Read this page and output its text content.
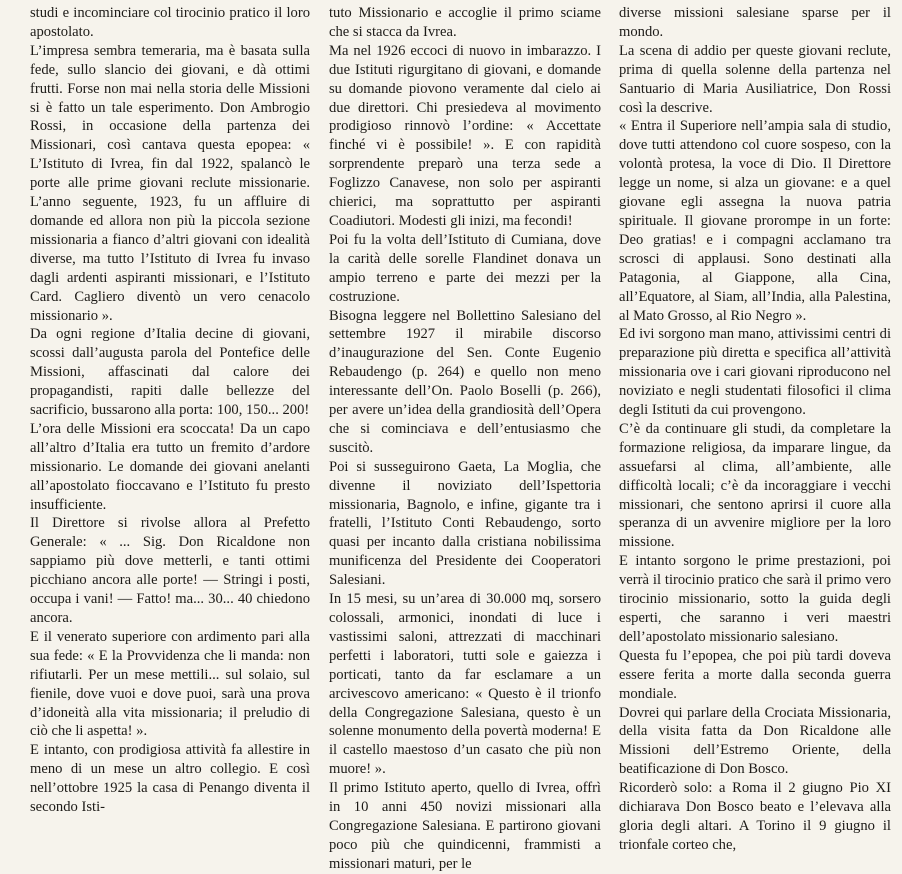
studi e incominciare col tirocinio pratico il loro apostolato.

L’impresa sembra temeraria, ma è basata sulla fede, sullo slancio dei giovani, e dà ottimi frutti. Forse non mai nella storia delle Missioni si è fatto un tale esperimento. Don Ambrogio Rossi, in occasione della partenza dei Missionari, così cantava questa epopea: « L’Istituto di Ivrea, fin dal 1922, spalancò le porte alle prime giovani reclute missionarie. L’anno seguente, 1923, fu un affluire di domande ed allora non più la piccola sezione missionaria a fianco d’altri giovani con idealità diverse, ma tutto l’Istituto di Ivrea fu invaso dagli ardenti aspiranti missionari, e l’Istituto Card. Cagliero diventò un vero cenacolo missionario ».

Da ogni regione d’Italia decine di giovani, scossi dall’augusta parola del Pontefice delle Missioni, affascinati dal calore dei propagandisti, rapiti dalle bellezze del sacrificio, bussarono alla porta: 100, 150... 200!

L’ora delle Missioni era scoccata! Da un capo all’altro d’Italia era tutto un fremito d’ardore missionario. Le domande dei giovani anelanti all’apostolato fioccavano e l’Istituto fu presto insufficiente.

Il Direttore si rivolse allora al Prefetto Generale: « ... Sig. Don Ricaldone non sappiamo più dove metterli, e tanti ottimi picchiano ancora alle porte! — Stringi i posti, occupa i vani! — Fatto! ma... 30... 40 chiedono ancora.

E il venerato superiore con ardimento pari alla sua fede: « E la Provvidenza che li manda: non rifiutarli. Per un mese mettili... sul solaio, sul fienile, dove vuoi e dove puoi, sarà una prova d’idoneità alla vita missionaria; il preludio di ciò che li aspetta! ».

E intanto, con prodigiosa attività fa allestire in meno di un mese un altro collegio. E così nell’ottobre 1925 la casa di Penango diventa il secondo Isti-

tuto Missionario e accoglie il primo sciame che si stacca da Ivrea.

Ma nel 1926 eccoci di nuovo in imbarazzo. I due Istituti rigurgitano di giovani, e domande su domande piovono veramente dal cielo ai due direttori. Chi presiedeva al movimento prodigioso rinnovò l’ordine: « Accettate finché vi è possibile! ». E con rapidità sorprendente preparò una terza sede a Foglizzo Canavese, non solo per aspiranti chierici, ma soprattutto per aspiranti Coadiutori. Modesti gli inizi, ma fecondi!

Poi fu la volta dell’Istituto di Cumiana, dove la carità delle sorelle Flandinet donava un ampio terreno e parte dei mezzi per la costruzione.

Bisogna leggere nel Bollettino Salesiano del settembre 1927 il mirabile discorso d’inaugurazione del Sen. Conte Eugenio Rebaudengo (p. 264) e quello non meno interessante dell’On. Paolo Boselli (p. 266), per avere un’idea della grandiosità dell’Opera che si cominciava e dell’entusiasmo che suscitò.

Poi si susseguirono Gaeta, La Moglia, che divenne il noviziato dell’Ispettoria missionaria, Bagnolo, e infine, gigante tra i fratelli, l’Istituto Conti Rebaudengo, sorto quasi per incanto dalla cristiana nobilissima munificenza del Presidente dei Cooperatori Salesiani.

In 15 mesi, su un’area di 30.000 mq, sorsero colossali, armonici, inondati di luce i vastissimi saloni, attrezzati di macchinari perfetti i laboratori, tutti sole e gaiezza i porticati, tanto da far esclamare a un arcivescovo americano: « Questo è il trionfo della Congregazione Salesiana, questo è un solenne monumento della povertà moderna! E il castello maestoso d’un casato che più non muore! ».

Il primo Istituto aperto, quello di Ivrea, offrì in 10 anni 450 novizi missionari alla Congregazione Salesiana. E partirono giovani poco più che quindicenni, frammisti a missionari maturi, per le

diverse missioni salesiane sparse per il mondo.

La scena di addio per queste giovani reclute, prima di quella solenne della partenza nel Santuario di Maria Ausiliatrice, Don Rossi così la descrive.

« Entra il Superiore nell’ampia sala di studio, dove tutti attendono col cuore sospeso, con la volontà protesa, la voce di Dio. Il Direttore legge un nome, si alza un giovane: e a quel giovane egli assegna la nuova patria spirituale. Il giovane prorompe in un forte: Deo gratias! e i compagni acclamano tra scrosci di applausi. Sono destinati alla Patagonia, al Giappone, alla Cina, all’Equatore, al Siam, all’India, alla Palestina, al Mato Grosso, al Rio Negro ».

Ed ivi sorgono man mano, attivissimi centri di preparazione più diretta e specifica all’attività missionaria ove i cari giovani riproducono nel noviziato e negli studentati filosofici il clima degli Istituti da cui provengono.

C’è da continuare gli studi, da completare la formazione religiosa, da imparare lingue, da assuefarsi al clima, all’ambiente, alle difficoltà locali; c’è da incoraggiare i vecchi missionari, che sentono aprirsi il cuore alla speranza di un avvenire migliore per la loro missione.

E intanto sorgono le prime prestazioni, poi verrà il tirocinio pratico che sarà il primo vero tirocinio missionario, sotto la guida degli esperti, che saranno i veri maestri dell’apostolato missionario salesiano.

Questa fu l’epopea, che poi più tardi doveva essere ferita a morte dalla seconda guerra mondiale.

Dovrei qui parlare della Crociata Missionaria, della visita fatta da Don Ricaldone alle Missioni dell’Estremo Oriente, della beatificazione di Don Bosco.

Ricorderò solo: a Roma il 2 giugno Pio XI dichiarava Don Bosco beato e l’elevava alla gloria degli altari. A Torino il 9 giugno il trionfale corteo che,
